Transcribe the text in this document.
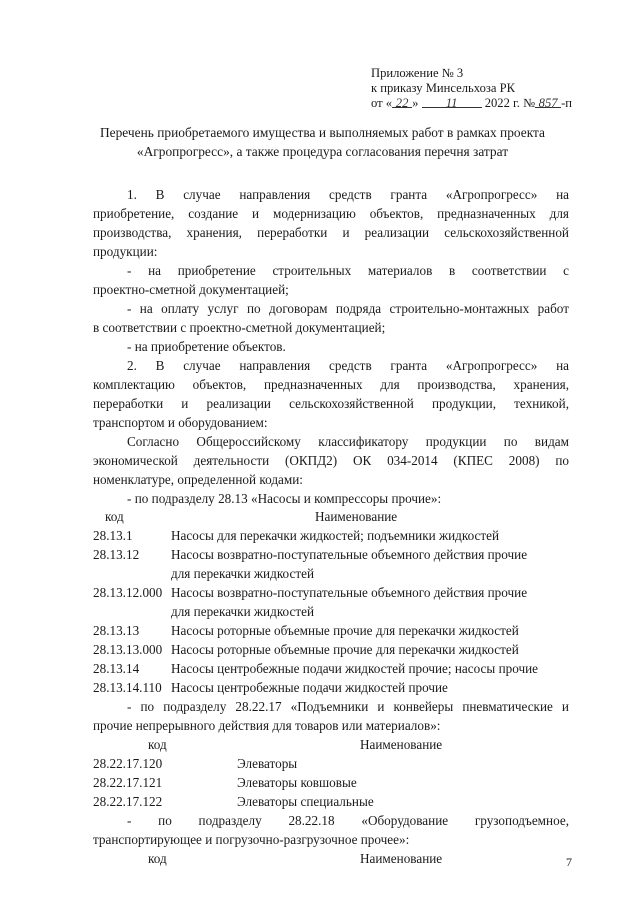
Приложение № 3
к приказу Минсельхоза РК
от « 22 » 11 2022 г. № 857 -п
Перечень приобретаемого имущества и выполняемых работ в рамках проекта
«Агропрогресс», а также процедура согласования перечня затрат
1. В случае направления средств гранта «Агропрогресс» на
приобретение, создание и модернизацию объектов, предназначенных для
производства, хранения, переработки и реализации сельскохозяйственной
продукции:
- на приобретение строительных материалов в соответствии с
проектно-сметной документацией;
- на оплату услуг по договорам подряда строительно-монтажных работ
в соответствии с проектно-сметной документацией;
- на приобретение объектов.
2. В случае направления средств гранта «Агропрогресс» на
комплектацию объектов, предназначенных для производства, хранения,
переработки и реализации сельскохозяйственной продукции, техникой,
транспортом и оборудованием:
Согласно Общероссийскому классификатору продукции по видам
экономической деятельности (ОКПД2) ОК 034-2014 (КПЕС 2008) по
номенклатуре, определенной кодами:
- по подразделу 28.13 «Насосы и компрессоры прочие»:
код	Наименование
28.13.1	Насосы для перекачки жидкостей; подъемники жидкостей
28.13.12 Насосы возвратно-поступательные объемного действия прочие
для перекачки жидкостей
28.13.12.000 Насосы возвратно-поступательные объемного действия прочие
для перекачки жидкостей
28.13.13 Насосы роторные объемные прочие для перекачки жидкостей
28.13.13.000 Насосы роторные объемные прочие для перекачки жидкостей
28.13.14 Насосы центробежные подачи жидкостей прочие; насосы прочие
28.13.14.110 Насосы центробежные подачи жидкостей прочие
- по подразделу 28.22.17 «Подъемники и конвейеры пневматические и
прочие непрерывного действия для товаров или материалов»:
код	Наименование
28.22.17.120	Элеваторы
28.22.17.121	Элеваторы ковшовые
28.22.17.122	Элеваторы специальные
- по подразделу 28.22.18 «Оборудование грузоподъемное,
транспортирующее и погрузочно-разгрузочное прочее»:
код	Наименование	7
